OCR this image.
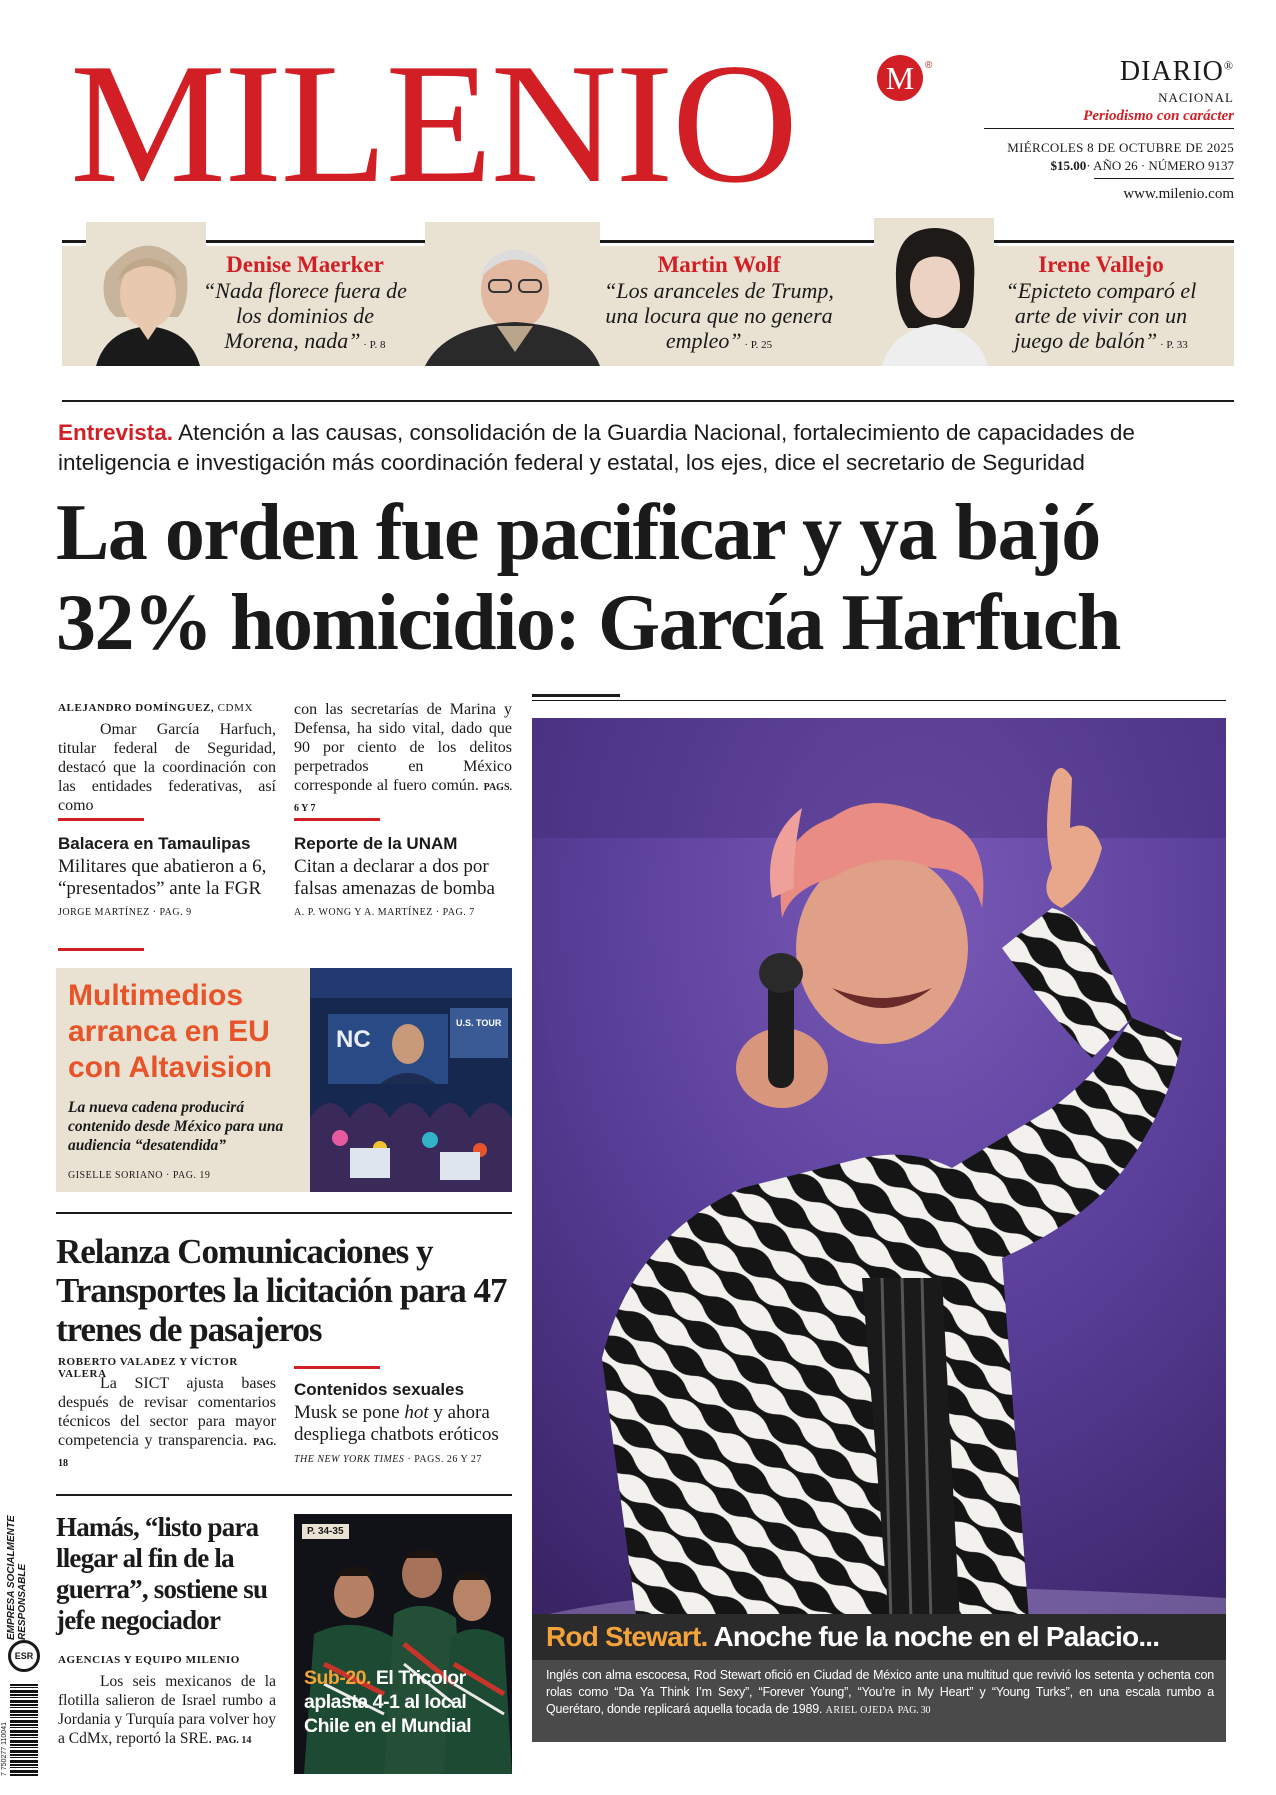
MILENIO	M	®	DIARIO®
NACIONAL
Periodismo con carácter
MIÉRCOLES 8 DE OCTUBRE DE 2025
$15.00· AÑO 26 · NÚMERO 9137
www.milenio.com
Denise Maerker
“Nada florece fuera de los dominios de Morena, nada” · P. 8
Martin Wolf
“Los aranceles de Trump, una locura que no genera empleo” · P. 25
Irene Vallejo
“Epicteto comparó el arte de vivir con un juego de balón” · P. 33
Entrevista. Atención a las causas, consolidación de la Guardia Nacional, fortalecimiento de capacidades de inteligencia e investigación más coordinación federal y estatal, los ejes, dice el secretario de Seguridad
La orden fue pacificar y ya bajó
32% homicidio: García Harfuch
ALEJANDRO DOMÍNGUEZ, CDMX
Omar García Harfuch, titular federal de Seguridad, destacó que la coordinación con las entidades federativas, así como
con las secretarías de Marina y Defensa, ha sido vital, dado que 90 por ciento de los delitos perpetrados en México corresponde al fuero común. PAGS. 6 Y 7
Balacera en Tamaulipas
Militares que abatieron a 6, “presentados” ante la FGR
JORGE MARTÍNEZ · PAG. 9
Reporte de la UNAM
Citan a declarar a dos por falsas amenazas de bomba
A. P. WONG Y A. MARTÍNEZ · PAG. 7
Multimedios arranca en EU con Altavision
La nueva cadena producirá contenido desde México para una audiencia “desatendida”
GISELLE SORIANO · PAG. 19
NC
U.S. TOUR
Relanza Comunicaciones y Transportes la licitación para 47 trenes de pasajeros
ROBERTO VALADEZ Y VÍCTOR VALERA
La SICT ajusta bases después de revisar comentarios técnicos del sector para mayor competencia y transparencia. PAG. 18
Contenidos sexuales
Musk se pone hot y ahora despliega chatbots eróticos
THE NEW YORK TIMES · PAGS. 26 Y 27
Hamás, “listo para llegar al fin de la guerra”, sostiene su jefe negociador
AGENCIAS Y EQUIPO MILENIO
Los seis mexicanos de la flotilla salieron de Israel rumbo a Jordania y Turquía para volver hoy a CdMx, reportó la SRE. PAG. 14
EMPRESA SOCIALMENTE RESPONSABLE
ESR
7 750277 110041
P. 34-35
Sub-20. El Tricolor aplasta 4-1 al local Chile en el Mundial
Rod Stewart. Anoche fue la noche en el Palacio...
Inglés con alma escocesa, Rod Stewart ofició en Ciudad de México ante una multitud que revivió los setenta y ochenta con rolas como “Da Ya Think I’m Sexy”, “Forever Young”, “You’re in My Heart” y “Young Turks”, en una escala rumbo a Querétaro, donde replicará aquella tocada de 1989. ARIEL OJEDA PAG. 30
